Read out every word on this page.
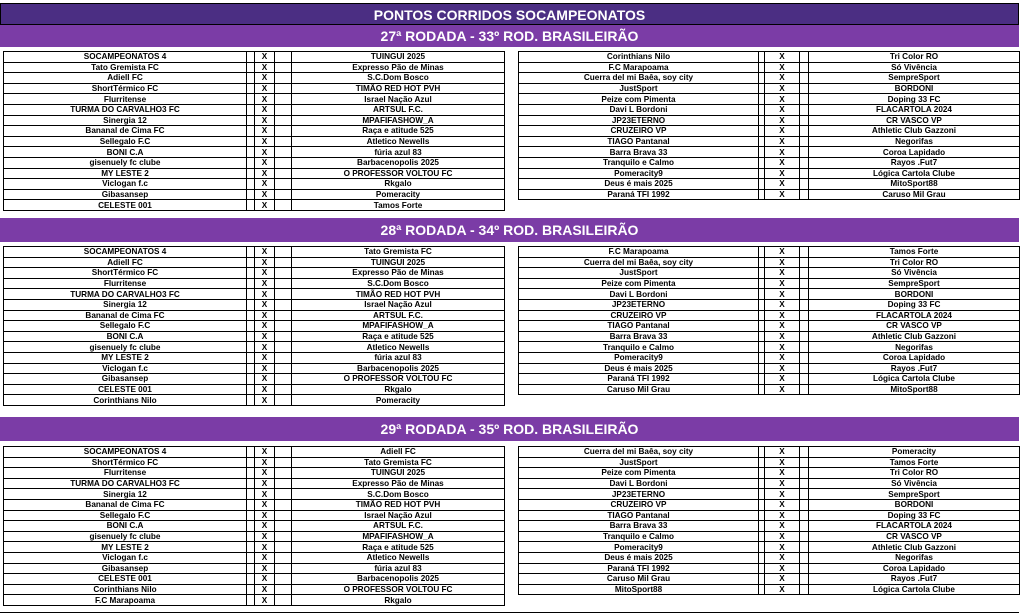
PONTOS CORRIDOS SOCAMPEONATOS
27ª RODADA - 33º ROD. BRASILEIRÃO
SOCAMPEONATOS 4		X		TUINGUI 2025
Tato Gremista FC		X		Expresso Pão de Minas
Adiell FC		X		S.C.Dom Bosco
ShortTérmico FC		X		TIMÃO RED HOT PVH
Flurritense		X		Israel Nação Azul
TURMA DO CARVALHO3 FC		X		ARTSUL F.C.
Sinergia 12		X		MPAFIFASHOW_A
Bananal de Cima FC		X		Raça e atitude 525
Sellegalo F.C		X		Atletico Newells
BONI C.A		X		fúria azul 83
gisenuely fc clube		X		Barbacenopolis 2025
MY LESTE 2		X		O PROFESSOR VOLTOU FC
Viclogan f.c		X		Rkgalo
Gibasansep		X		Pomeracity
CELESTE 001		X		Tamos Forte
Corinthians Nilo		X		Tri Color RO
F.C Marapoama		X		Só Vivência
Cuerra del mi Baêa, soy city		X		SempreSport
JustSport		X		BORDONI
Peize com Pimenta		X		Doping 33 FC
Davi L Bordoni		X		FLACARTOLA 2024
JP23ETERNO		X		CR VASCO VP
CRUZEIRO VP		X		Athletic Club Gazzoni
TIAGO Pantanal		X		Negorifas
Barra Brava 33		X		Coroa Lapidado
Tranquilo e Calmo		X		Rayos .Fut7
Pomeracity9		X		Lógica Cartola Clube
Deus é mais 2025		X		MitoSport88
Paraná TFI 1992		X		Caruso Mil Grau
28ª RODADA - 34º ROD. BRASILEIRÃO
SOCAMPEONATOS 4		X		Tato Gremista FC
Adiell FC		X		TUINGUI 2025
ShortTérmico FC		X		Expresso Pão de Minas
Flurritense		X		S.C.Dom Bosco
TURMA DO CARVALHO3 FC		X		TIMÃO RED HOT PVH
Sinergia 12		X		Israel Nação Azul
Bananal de Cima FC		X		ARTSUL F.C.
Sellegalo F.C		X		MPAFIFASHOW_A
BONI C.A		X		Raça e atitude 525
gisenuely fc clube		X		Atletico Newells
MY LESTE 2		X		fúria azul 83
Viclogan f.c		X		Barbacenopolis 2025
Gibasansep		X		O PROFESSOR VOLTOU FC
CELESTE 001		X		Rkgalo
Corinthians Nilo		X		Pomeracity
F.C Marapoama		X		Tamos Forte
Cuerra del mi Baêa, soy city		X		Tri Color RO
JustSport		X		Só Vivência
Peize com Pimenta		X		SempreSport
Davi L Bordoni		X		BORDONI
JP23ETERNO		X		Doping 33 FC
CRUZEIRO VP		X		FLACARTOLA 2024
TIAGO Pantanal		X		CR VASCO VP
Barra Brava 33		X		Athletic Club Gazzoni
Tranquilo e Calmo		X		Negorifas
Pomeracity9		X		Coroa Lapidado
Deus é mais 2025		X		Rayos .Fut7
Paraná TFI 1992		X		Lógica Cartola Clube
Caruso Mil Grau		X		MitoSport88
29ª RODADA - 35º ROD. BRASILEIRÃO
SOCAMPEONATOS 4		X		Adiell FC
ShortTérmico FC		X		Tato Gremista FC
Flurritense		X		TUINGUI 2025
TURMA DO CARVALHO3 FC		X		Expresso Pão de Minas
Sinergia 12		X		S.C.Dom Bosco
Bananal de Cima FC		X		TIMÃO RED HOT PVH
Sellegalo F.C		X		Israel Nação Azul
BONI C.A		X		ARTSUL F.C.
gisenuely fc clube		X		MPAFIFASHOW_A
MY LESTE 2		X		Raça e atitude 525
Viclogan f.c		X		Atletico Newells
Gibasansep		X		fúria azul 83
CELESTE 001		X		Barbacenopolis 2025
Corinthians Nilo		X		O PROFESSOR VOLTOU FC
F.C Marapoama		X		Rkgalo
Cuerra del mi Baêa, soy city		X		Pomeracity
JustSport		X		Tamos Forte
Peize com Pimenta		X		Tri Color RO
Davi L Bordoni		X		Só Vivência
JP23ETERNO		X		SempreSport
CRUZEIRO VP		X		BORDONI
TIAGO Pantanal		X		Doping 33 FC
Barra Brava 33		X		FLACARTOLA 2024
Tranquilo e Calmo		X		CR VASCO VP
Pomeracity9		X		Athletic Club Gazzoni
Deus é mais 2025		X		Negorifas
Paraná TFI 1992		X		Coroa Lapidado
Caruso Mil Grau		X		Rayos .Fut7
MitoSport88		X		Lógica Cartola Clube
